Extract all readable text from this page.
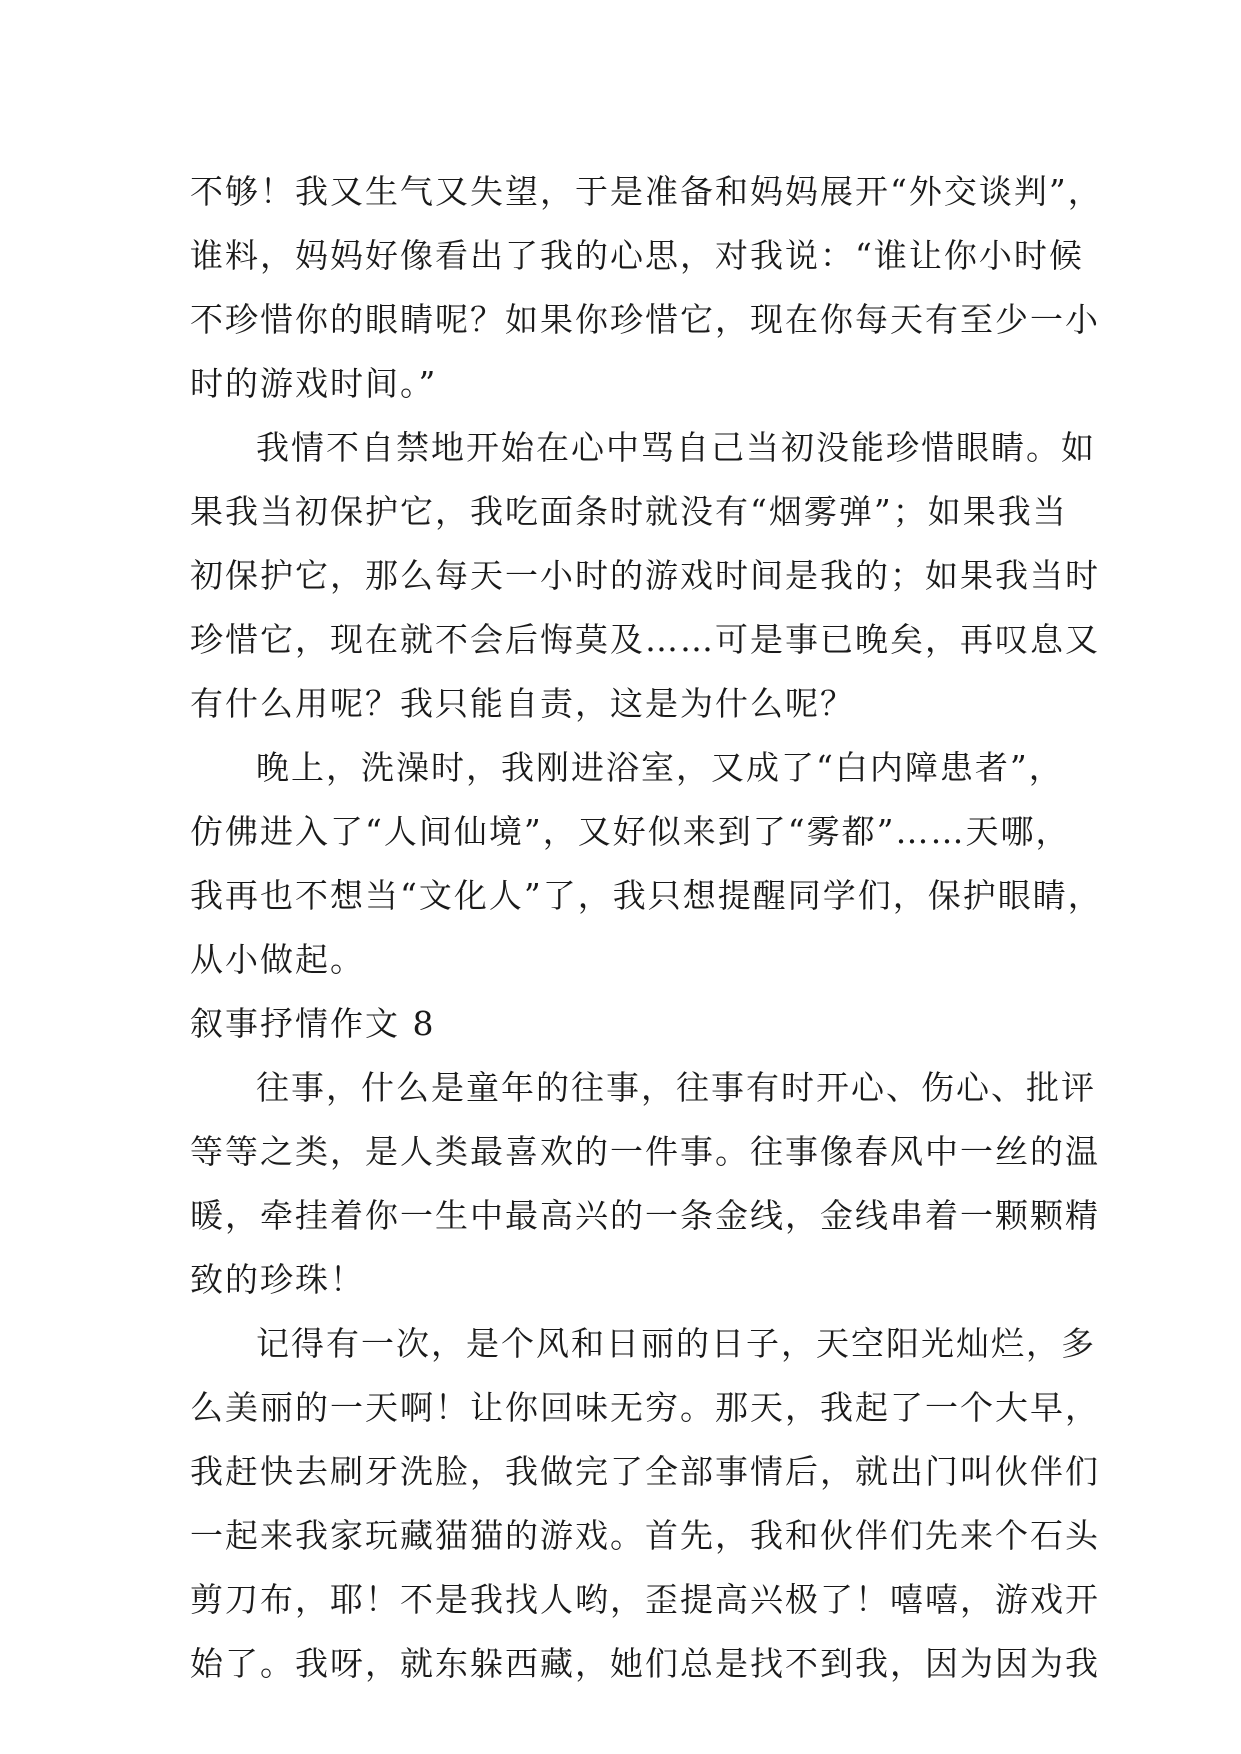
不够！我又生气又失望，于是准备和妈妈展开“外交谈判”，
谁料，妈妈好像看出了我的心思，对我说：“谁让你小时候
不珍惜你的眼睛呢？如果你珍惜它，现在你每天有至少一小
时的游戏时间。”
我情不自禁地开始在心中骂自己当初没能珍惜眼睛。如
果我当初保护它，我吃面条时就没有“烟雾弹”；如果我当
初保护它，那么每天一小时的游戏时间是我的；如果我当时
珍惜它，现在就不会后悔莫及……可是事已晚矣，再叹息又
有什么用呢？我只能自责，这是为什么呢？
晚上，洗澡时，我刚进浴室，又成了“白内障患者”，
仿佛进入了“人间仙境”，又好似来到了“雾都”……天哪，
我再也不想当“文化人”了，我只想提醒同学们，保护眼睛，
从小做起。
叙事抒情作文 8
往事，什么是童年的往事，往事有时开心、伤心、批评
等等之类，是人类最喜欢的一件事。往事像春风中一丝的温
暖，牵挂着你一生中最高兴的一条金线，金线串着一颗颗精
致的珍珠！
记得有一次，是个风和日丽的日子，天空阳光灿烂，多
么美丽的一天啊！让你回味无穷。那天，我起了一个大早，
我赶快去刷牙洗脸，我做完了全部事情后，就出门叫伙伴们
一起来我家玩藏猫猫的游戏。首先，我和伙伴们先来个石头
剪刀布，耶！不是我找人哟，歪提高兴极了！嘻嘻，游戏开
始了。我呀，就东躲西藏，她们总是找不到我，因为因为我
